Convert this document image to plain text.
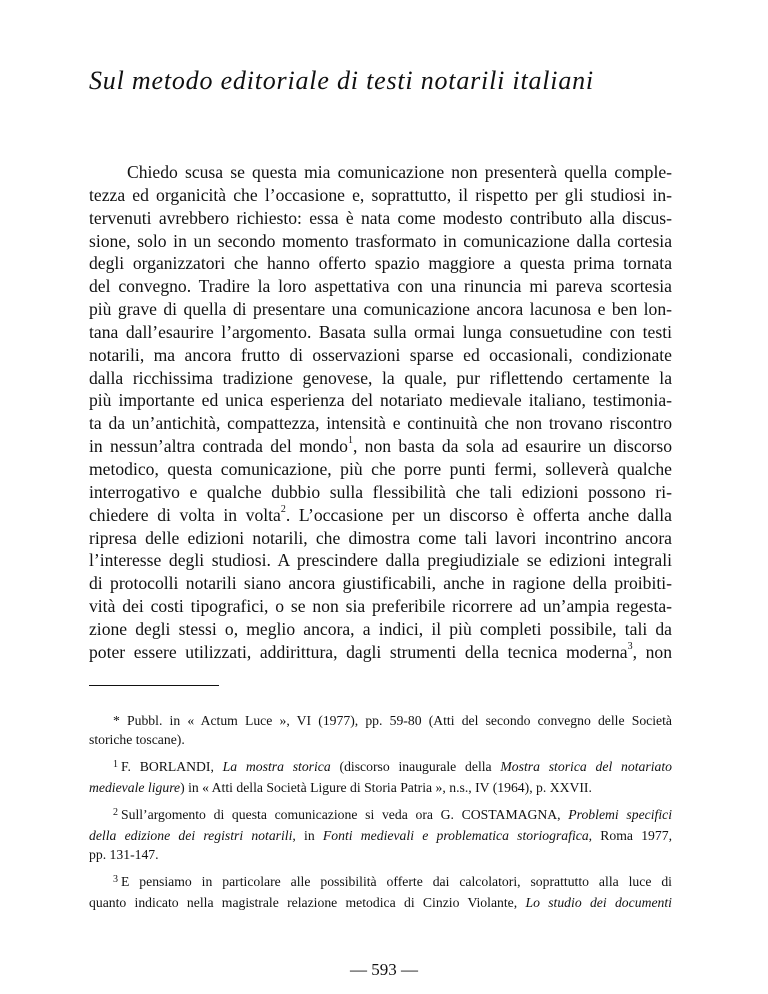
Sul metodo editoriale di testi notarili italiani
Chiedo scusa se questa mia comunicazione non presenterà quella comple-
tezza ed organicità che l’occasione e, soprattutto, il rispetto per gli studiosi in-
tervenuti avrebbero richiesto: essa è nata come modesto contributo alla discus-
sione, solo in un secondo momento trasformato in comunicazione dalla cortesia
degli organizzatori che hanno offerto spazio maggiore a questa prima tornata
del convegno. Tradire la loro aspettativa con una rinuncia mi pareva scortesia
più grave di quella di presentare una comunicazione ancora lacunosa e ben lon-
tana dall’esaurire l’argomento. Basata sulla ormai lunga consuetudine con testi
notarili, ma ancora frutto di osservazioni sparse ed occasionali, condizionate
dalla ricchissima tradizione genovese, la quale, pur riflettendo certamente la
più importante ed unica esperienza del notariato medievale italiano, testimonia-
ta da un’antichità, compattezza, intensità e continuità che non trovano riscontro
in nessun’altra contrada del mondo$^1$, non basta da sola ad esaurire un discorso
metodico, questa comunicazione, più che porre punti fermi, solleverà qualche
interrogativo e qualche dubbio sulla flessibilità che tali edizioni possono ri-
chiedere di volta in volta$^2$. L’occasione per un discorso è offerta anche dalla
ripresa delle edizioni notarili, che dimostra come tali lavori incontrino ancora
l’interesse degli studiosi. A prescindere dalla pregiudiziale se edizioni integrali
di protocolli notarili siano ancora giustificabili, anche in ragione della proibiti-
vità dei costi tipografici, o se non sia preferibile ricorrere ad un’ampia regesta-
zione degli stessi o, meglio ancora, a indici, il più completi possibile, tali da
poter essere utilizzati, addirittura, dagli strumenti della tecnica moderna$^3$, non
* Pubbl. in « Actum Luce », VI (1977), pp. 59-80 (Atti del secondo convegno delle Società
storiche toscane).
$^1$ F. BORLANDI, La mostra storica (discorso inaugurale della Mostra storica del notariato
medievale ligure) in « Atti della Società Ligure di Storia Patria », n.s., IV (1964), p. XXVII.
$^2$ Sull’argomento di questa comunicazione si veda ora G. COSTAMAGNA, Problemi specifici
della edizione dei registri notarili, in Fonti medievali e problematica storiografica, Roma 1977,
pp. 131-147.
$^3$ E pensiamo in particolare alle possibilità offerte dai calcolatori, soprattutto alla luce di
quanto indicato nella magistrale relazione metodica di Cinzio Violante, Lo studio dei documenti
— 593 —
